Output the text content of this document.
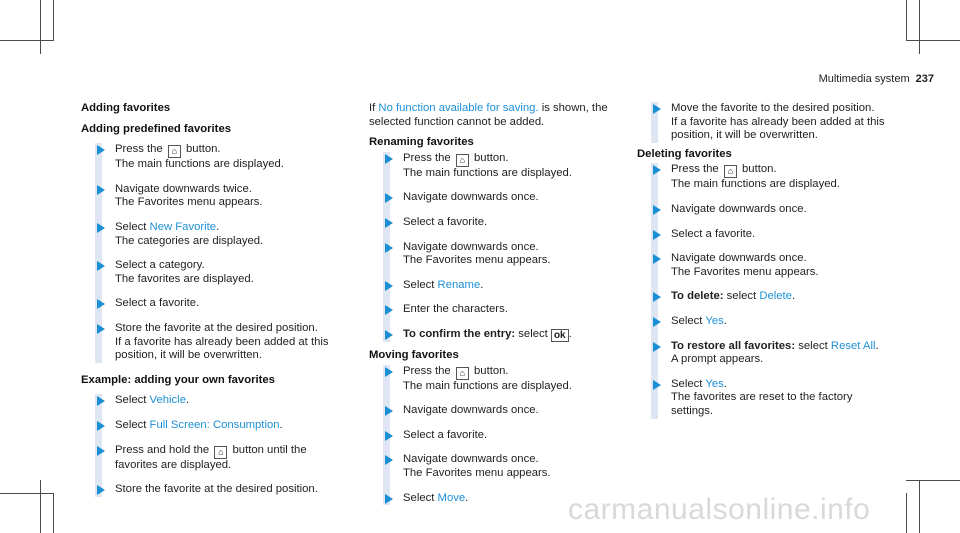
Multimedia system 237

Adding favorites

Adding predefined favorites

Press the ⌂ button.
The main functions are displayed.
Navigate downwards twice.
The Favorites menu appears.
Select New Favorite.
The categories are displayed.
Select a category.
The favorites are displayed.
Select a favorite.
Store the favorite at the desired position.
If a favorite has already been added at this position, it will be overwritten.

Example: adding your own favorites

Select Vehicle.
Select Full Screen: Consumption.
Press and hold the ⌂ button until the favorites are displayed.
Store the favorite at the desired position.

If No function available for saving. is shown, the selected function cannot be added.

Renaming favorites

Press the ⌂ button.
The main functions are displayed.
Navigate downwards once.
Select a favorite.
Navigate downwards once.
The Favorites menu appears.
Select Rename.
Enter the characters.
To confirm the entry: select ok .

Moving favorites

Press the ⌂ button.
The main functions are displayed.
Navigate downwards once.
Select a favorite.
Navigate downwards once.
The Favorites menu appears.
Select Move.
Move the favorite to the desired position.
If a favorite has already been added at this position, it will be overwritten.

Deleting favorites

Press the ⌂ button.
The main functions are displayed.
Navigate downwards once.
Select a favorite.
Navigate downwards once.
The Favorites menu appears.
To delete: select Delete.
Select Yes.
To restore all favorites: select Reset All.
A prompt appears.
Select Yes.
The favorites are reset to the factory settings.
carmanualsonline.info
